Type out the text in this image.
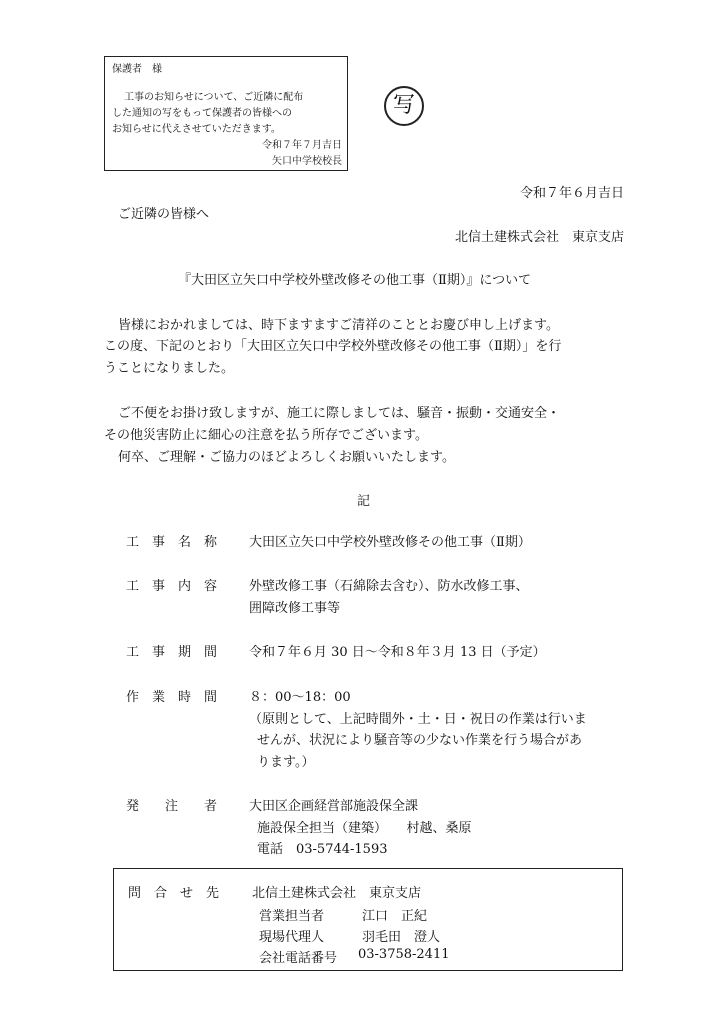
保護者　様
工事のお知らせについて、ご近隣に配布
した通知の写をもって保護者の皆様への
お知らせに代えさせていただきます。
令和７年７月吉日
矢口中学校校長
写
令和７年６月吉日
ご近隣の皆様へ
北信土建株式会社　東京支店
『大田区立矢口中学校外壁改修その他工事（Ⅱ期）』について
皆様におかれましては、時下ますますご清祥のこととお慶び申し上げます。
この度、下記のとおり「大田区立矢口中学校外壁改修その他工事（Ⅱ期）」を行
うことになりました。
ご不便をお掛け致しますが、施工に際しましては、騒音・振動・交通安全・
その他災害防止に細心の注意を払う所存でございます。
何卒、ご理解・ご協力のほどよろしくお願いいたします。
記
工　事　名　称 大田区立矢口中学校外壁改修その他工事（Ⅱ期）
工　事　内　容 外壁改修工事（石綿除去含む）、防水改修工事、
囲障改修工事等
工　事　期　間 令和７年６月 30 日～令和８年３月 13 日（予定）
作　業　時　間 ８：00～18：00
（原則として、上記時間外・土・日・祝日の作業は行いま
せんが、状況により騒音等の少ない作業を行う場合があ
ります。）
発　　注　　者 大田区企画経営部施設保全課
施設保全担当（建築）　　村越、桑原
電話　03-5744-1593
問　合　せ　先	北信土建株式会社　東京支店
営業担当者	江口　正紀
現場代理人	羽毛田　澄人
会社電話番号 03-3758-2411
